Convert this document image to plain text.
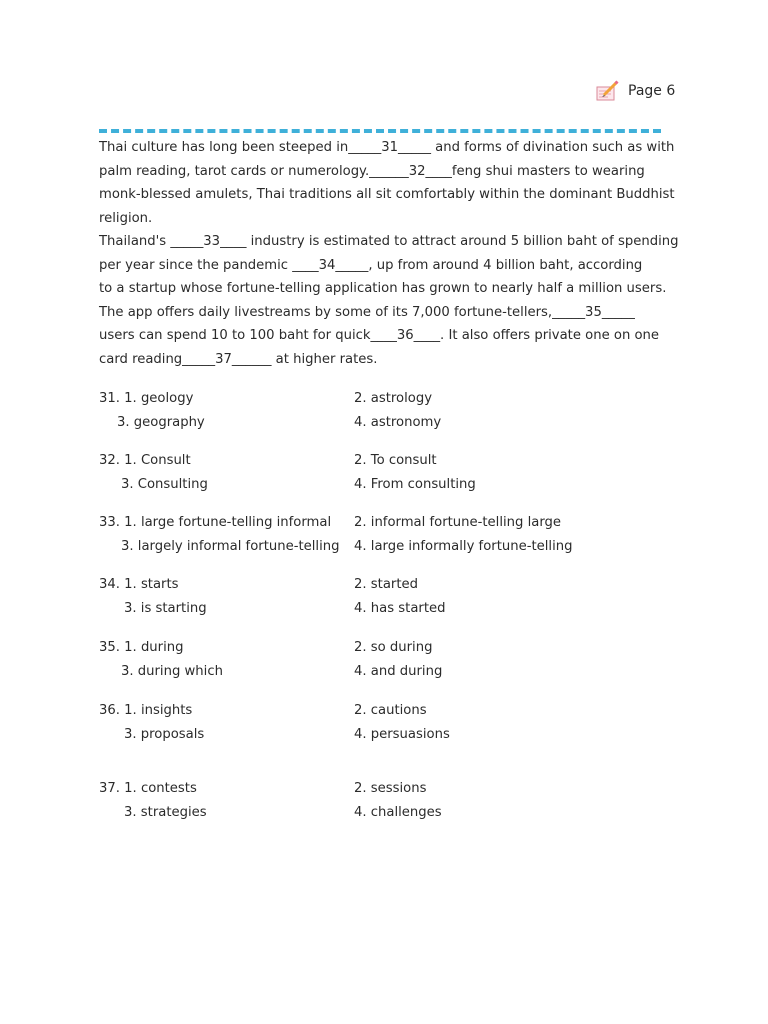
Page 6

Thai culture has long been steeped in_____31_____ and forms of divination such as with

palm reading, tarot cards or numerology.______32____feng shui masters to wearing

monk-blessed amulets, Thai traditions all sit comfortably within the dominant Buddhist

religion.

Thailand's _____33____ industry is estimated to attract around 5 billion baht of spending

per year since the pandemic ____34_____, up from around 4 billion baht, according

to a startup whose fortune-telling application has grown to nearly half a million users.

The app offers daily livestreams by some of its 7,000 fortune-tellers,_____35_____

users can spend 10 to 100 baht for quick____36____. It also offers private one on one

card reading_____37______ at higher rates.

31. 1. geology	2. astrology
3. geography	4. astronomy
32. 1. Consult	2. To consult
3. Consulting	4. From consulting
33. 1. large fortune-telling informal	2. informal fortune-telling large
3. largely informal fortune-telling	4. large informally fortune-telling
34. 1. starts	2. started
3. is starting	4. has started
35. 1. during	2. so during
3. during which	4. and during
36. 1. insights	2. cautions
3. proposals	4. persuasions
37. 1. contests	2. sessions
3. strategies	4. challenges
